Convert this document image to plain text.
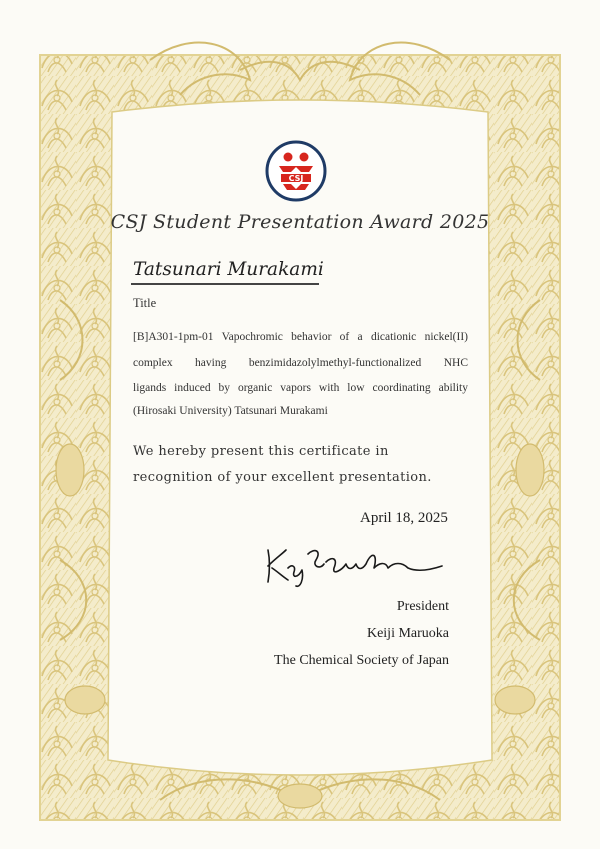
CSJ
CSJ Student Presentation Award 2025
Tatsunari Murakami
Title
[B]A301-1pm-01 Vapochromic behavior of a dicationic nickel(II)
complex having benzimidazolylmethyl-functionalized NHC
ligands induced by organic vapors with low coordinating ability
(Hirosaki University) Tatsunari Murakami
We hereby present this certificate in
recognition of your excellent presentation.
April 18, 2025
President
Keiji Maruoka
The Chemical Society of Japan
